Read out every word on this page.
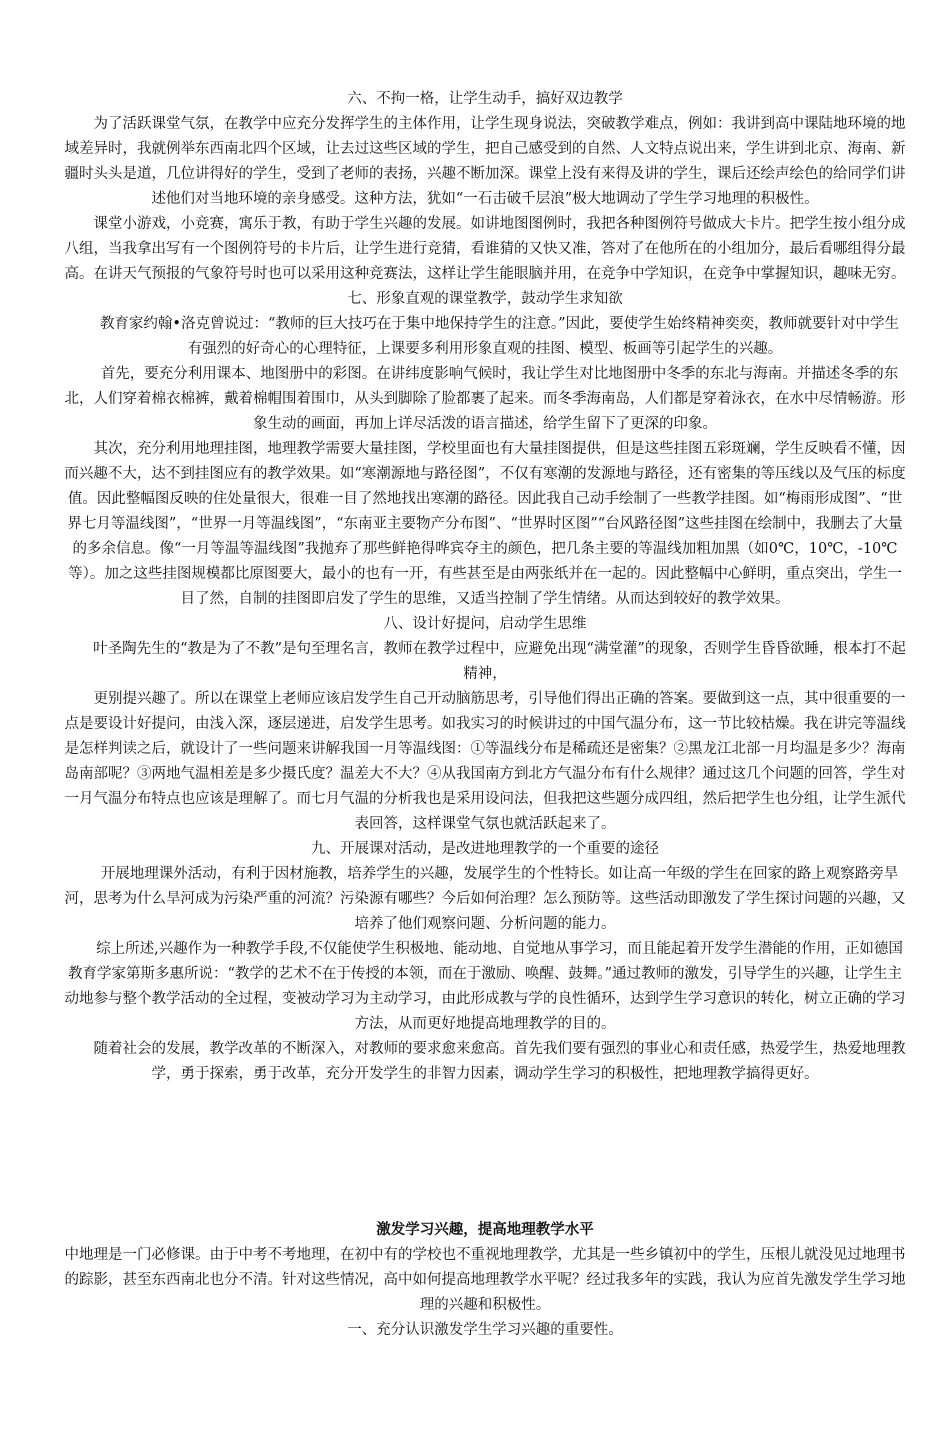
六、不拘一格，让学生动手，搞好双边教学

为了活跃课堂气氛，在教学中应充分发挥学生的主体作用，让学生现身说法，突破教学难点，例如：我讲到高中课陆地环境的地域差异时，我就例举东西南北四个区域，让去过这些区域的学生，把自己感受到的自然、人文特点说出来，学生讲到北京、海南、新疆时头头是道，几位讲得好的学生，受到了老师的表扬，兴趣不断加深。课堂上没有来得及讲的学生，课后还绘声绘色的给同学们讲述他们对当地环境的亲身感受。这种方法，犹如“一石击破千层浪”极大地调动了学生学习地理的积极性。

课堂小游戏，小竞赛，寓乐于教，有助于学生兴趣的发展。如讲地图图例时，我把各种图例符号做成大卡片。把学生按小组分成八组，当我拿出写有一个图例符号的卡片后，让学生进行竞猜，看谁猜的又快又准，答对了在他所在的小组加分，最后看哪组得分最高。在讲天气预报的气象符号时也可以采用这种竞赛法，这样让学生能眼脑并用，在竞争中学知识，在竞争中掌握知识，趣味无穷。

七、形象直观的课堂教学，鼓动学生求知欲

教育家约翰•洛克曾说过：“教师的巨大技巧在于集中地保持学生的注意。”因此，要使学生始终精神奕奕，教师就要针对中学生有强烈的好奇心的心理特征，上课要多利用形象直观的挂图、模型、板画等引起学生的兴趣。

首先，要充分利用课本、地图册中的彩图。在讲纬度影响气候时，我让学生对比地图册中冬季的东北与海南。并描述冬季的东北，人们穿着棉衣棉裤，戴着棉帽围着围巾，从头到脚除了脸都裹了起来。而冬季海南岛，人们都是穿着泳衣，在水中尽情畅游。形象生动的画面，再加上详尽活泼的语言描述，给学生留下了更深的印象。

其次，充分利用地理挂图，地理教学需要大量挂图，学校里面也有大量挂图提供，但是这些挂图五彩斑斓，学生反映看不懂，因而兴趣不大，达不到挂图应有的教学效果。如“寒潮源地与路径图”，不仅有寒潮的发源地与路径，还有密集的等压线以及气压的标度值。因此整幅图反映的住处量很大，很难一目了然地找出寒潮的路径。因此我自己动手绘制了一些教学挂图。如“梅雨形成图”、“世界七月等温线图”，“世界一月等温线图”，“东南亚主要物产分布图”、“世界时区图”“台风路径图”这些挂图在绘制中，我删去了大量的多余信息。像“一月等温等温线图”我抛弃了那些鲜艳得哗宾夺主的颜色，把几条主要的等温线加粗加黑（如0℃，10℃，-10℃等）。加之这些挂图规模都比原图要大，最小的也有一开，有些甚至是由两张纸并在一起的。因此整幅中心鲜明，重点突出，学生一目了然，自制的挂图即启发了学生的思维，又适当控制了学生情绪。从而达到较好的教学效果。

八、设计好提问，启动学生思维

叶圣陶先生的“教是为了不教”是句至理名言，教师在教学过程中，应避免出现“满堂灌”的现象，否则学生昏昏欲睡，根本打不起精神，

更别提兴趣了。所以在课堂上老师应该启发学生自己开动脑筋思考，引导他们得出正确的答案。要做到这一点，其中很重要的一点是要设计好提问，由浅入深，逐层递进，启发学生思考。如我实习的时候讲过的中国气温分布，这一节比较枯燥。我在讲完等温线是怎样判读之后，就设计了一些问题来讲解我国一月等温线图：①等温线分布是稀疏还是密集？②黑龙江北部一月均温是多少？海南岛南部呢？③两地气温相差是多少摄氏度？温差大不大？④从我国南方到北方气温分布有什么规律？通过这几个问题的回答，学生对一月气温分布特点也应该是理解了。而七月气温的分析我也是采用设问法，但我把这些题分成四组，然后把学生也分组，让学生派代表回答，这样课堂气氛也就活跃起来了。

九、开展课对活动，是改进地理教学的一个重要的途径

开展地理课外活动，有利于因材施教，培养学生的兴趣，发展学生的个性特长。如让高一年级的学生在回家的路上观察路旁旱河，思考为什么旱河成为污染严重的河流？污染源有哪些？今后如何治理？怎么预防等。这些活动即激发了学生探讨问题的兴趣，又培养了他们观察问题、分析问题的能力。

综上所述,兴趣作为一种教学手段,不仅能使学生积极地、能动地、自觉地从事学习，而且能起着开发学生潜能的作用，正如德国教育学家第斯多惠所说：“教学的艺术不在于传授的本领，而在于激励、唤醒、鼓舞。”通过教师的激发，引导学生的兴趣，让学生主动地参与整个教学活动的全过程，变被动学习为主动学习，由此形成教与学的良性循环，达到学生学习意识的转化，树立正确的学习方法，从而更好地提高地理教学的目的。

随着社会的发展，教学改革的不断深入，对教师的要求愈来愈高。首先我们要有强烈的事业心和责任感，热爱学生，热爱地理教学，勇于探索，勇于改革，充分开发学生的非智力因素，调动学生学习的积极性，把地理教学搞得更好。

激发学习兴趣，提高地理教学水平

中地理是一门必修课。由于中考不考地理，在初中有的学校也不重视地理教学，尤其是一些乡镇初中的学生，压根儿就没见过地理书的踪影，甚至东西南北也分不清。针对这些情况，高中如何提高地理教学水平呢？经过我多年的实践，我认为应首先激发学生学习地理的兴趣和积极性。

一、充分认识激发学生学习兴趣的重要性。
